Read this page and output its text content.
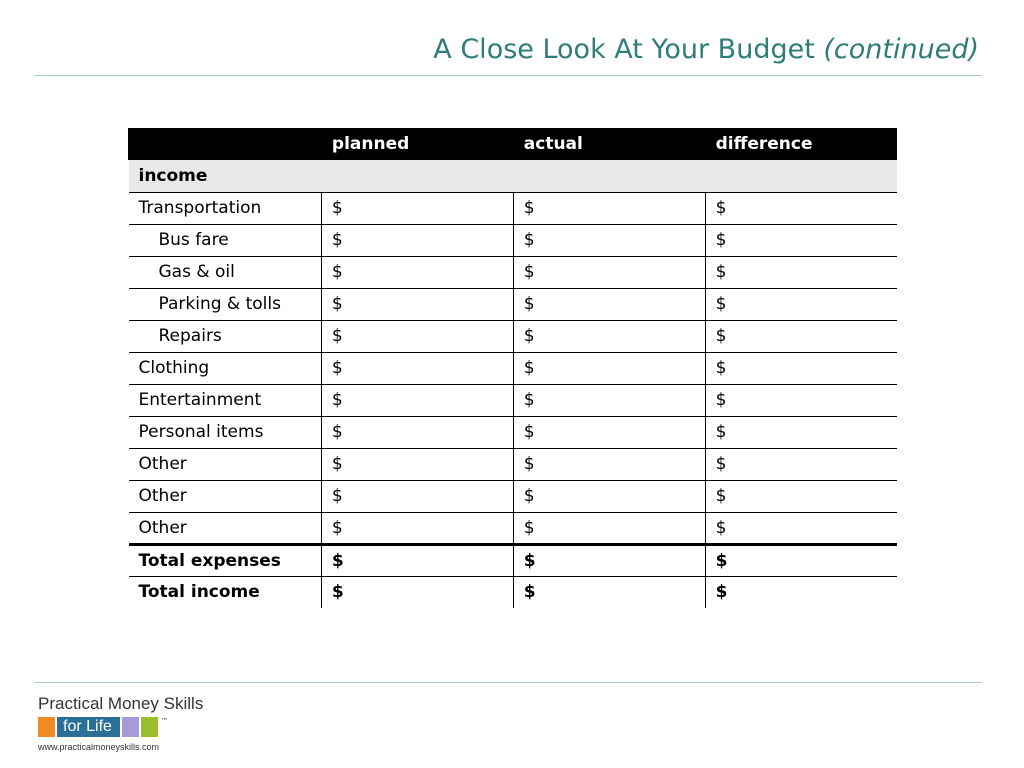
A Close Look At Your Budget (continued)
	planned	actual	difference
income			
Transportation	$	$	$
Bus fare	$	$	$
Gas & oil	$	$	$
Parking & tolls	$	$	$
Repairs	$	$	$
Clothing	$	$	$
Entertainment	$	$	$
Personal items	$	$	$
Other	$	$	$
Other	$	$	$
Other	$	$	$
Total expenses	$	$	$
Total income	$	$	$
Practical Money Skills
for Life	™
www.practicalmoneyskills.com
